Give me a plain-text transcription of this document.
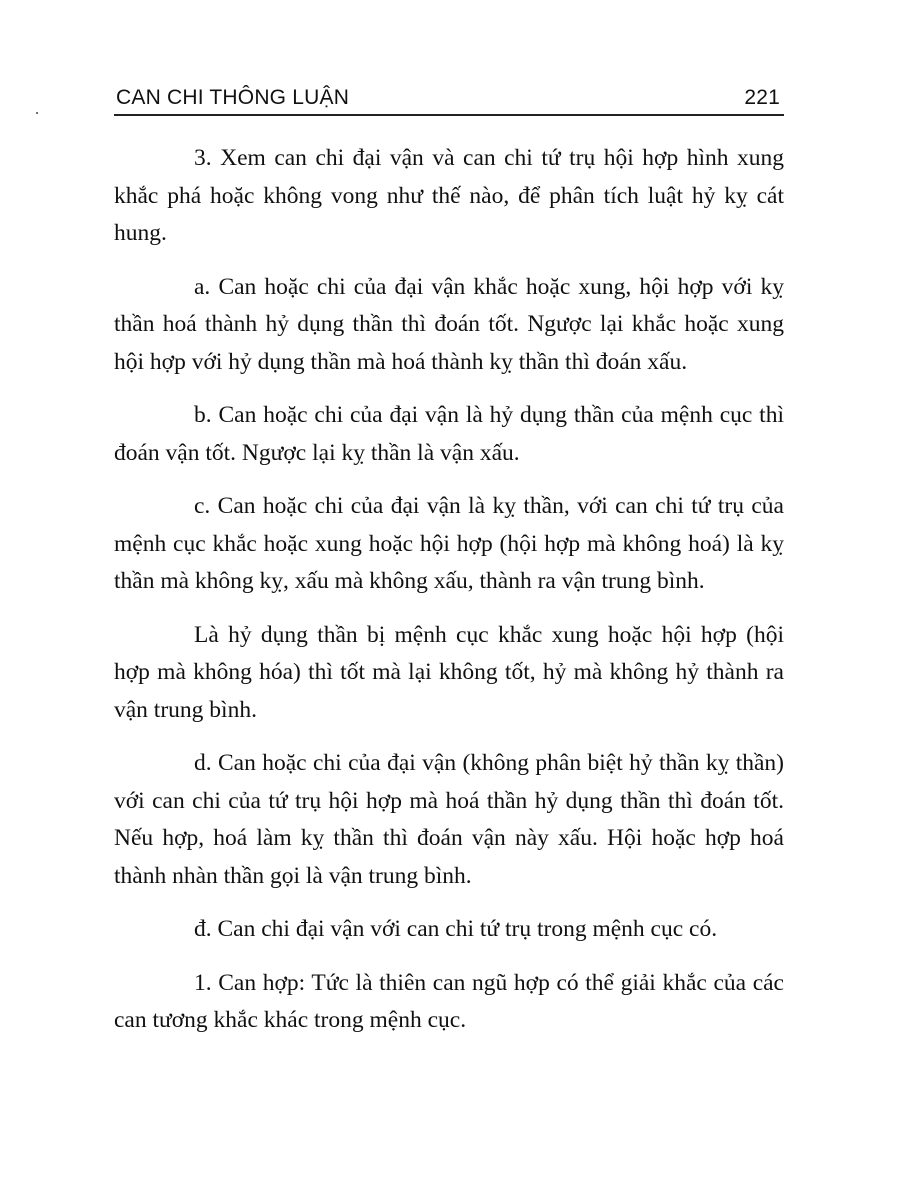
CAN CHI THÔNG LUẬN	221

3. Xem can chi đại vận và can chi tứ trụ hội hợp hình xung khắc phá hoặc không vong như thế nào, để phân tích luật hỷ kỵ cát hung.

a. Can hoặc chi của đại vận khắc hoặc xung, hội hợp với kỵ thần hoá thành hỷ dụng thần thì đoán tốt. Ngược lại khắc hoặc xung hội hợp với hỷ dụng thần mà hoá thành kỵ thần thì đoán xấu.

b. Can hoặc chi của đại vận là hỷ dụng thần của mệnh cục thì đoán vận tốt. Ngược lại kỵ thần là vận xấu.

c. Can hoặc chi của đại vận là kỵ thần, với can chi tứ trụ của mệnh cục khắc hoặc xung hoặc hội hợp (hội hợp mà không hoá) là kỵ thần mà không kỵ, xấu mà không xấu, thành ra vận trung bình.

Là hỷ dụng thần bị mệnh cục khắc xung hoặc hội hợp (hội hợp mà không hóa) thì tốt mà lại không tốt, hỷ mà không hỷ thành ra vận trung bình.

d. Can hoặc chi của đại vận (không phân biệt hỷ thần kỵ thần) với can chi của tứ trụ hội hợp mà hoá thần hỷ dụng thần thì đoán tốt. Nếu hợp, hoá làm kỵ thần thì đoán vận này xấu. Hội hoặc hợp hoá thành nhàn thần gọi là vận trung bình.

đ. Can chi đại vận với can chi tứ trụ trong mệnh cục có.

1. Can hợp: Tức là thiên can ngũ hợp có thể giải khắc của các can tương khắc khác trong mệnh cục.
